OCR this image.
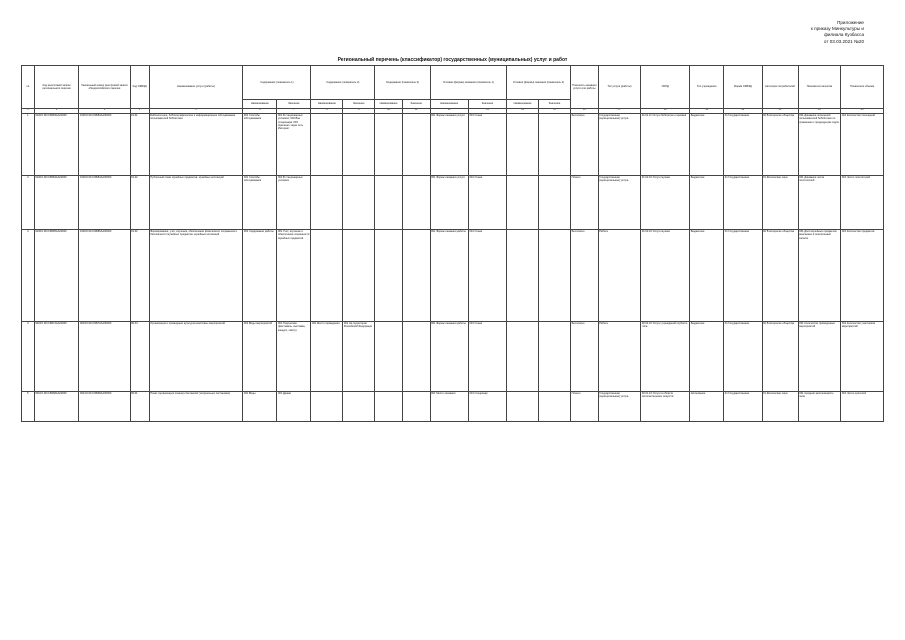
Приложение
к приказу Минкультуры и
филиала Кузбасса
от 03.03.2021 №20
Региональный перечень (классификатор) государственных (муниципальных) услуг и работ
№	Код реестровой записи регионального перечня	Уникальный номер реестровой записи общероссийского перечня	Код ОКВЭД	Наименование услуги (работы)	Содержание (показатель 1)		Содержание (показатель 2)		Содержание (показатель 3)		Условие (формы) оказания (показатель 1)		Условие (формы) оказания (показатель 2)		Платность оказания услуги или работы	Тип услуги (работы)	ОКПД	Тип учреждения	Форма ОКВЭД	Категории потребителей	Показатели качества	Показатели объема
					Наименование	Значение	Наименование	Значение	Наименование	Значение	Наименование	Значение	Наименование	Значение								
1	2	3	4	5	6	7	8	9	10	11	12	13	14	15	16	17	18	19	20	21	22	23
1	9100О.99.0.ББ83АА00000	9100О.99.0.ББ83АА00000	91.01	Библиотечное, библиографическое и информационное обслуживание пользователей библиотеки	001 Способы обслуживания	001 В стационарных условиях; 002 Вне стационара; 003 Удаленно через сеть Интернет					001 Формы оказания услуги	001 Очная			Бесплатно	Государственная (муниципальная) услуга	91.01.11 Услуги библиотек и архивов	Бюджетное	01 Государственная	02 В интересах общества	001 Динамика посещений пользователей библиотеки по сравнению с предыдущим годом	001 Количество посещений
2	9100О.99.0.ББ84АА00000	9100О.99.0.ББ84АА00000	91.02	Публичный показ музейных предметов, музейных коллекций	001 Способы обслуживания	002 В стационарных условиях					001 Формы оказания услуги	001 Очная			Платно	Государственная (муниципальная) услуга	91.02.10 Услуги музеев	Бюджетное	01 Государственная	01 Физические лица	001 Динамика числа посетителей	001 Число посетителей
3	9100О.99.0.ББ85АА00000	9100О.99.0.ББ85АА00000	91.02	Формирование, учет, изучение, обеспечение физического сохранения и безопасности музейных предметов, музейных коллекций	001 Содержание работы	001 Учет, изучение и обеспечение сохранности музейных предметов					001 Формы оказания работы	001 Очная			Бесплатно	Работа	91.02.10 Услуги музеев	Бюджетное	01 Государственная	02 В интересах общества	001 Доля музейных предметов, внесенных в электронный каталог	001 Количество предметов
4	9004О.99.0.ББ72АА00000	9004О.99.0.ББ72АА00000	90.04	Организация и проведение культурно-массовых мероприятий	001 Виды мероприятий	001 Творческие (фестиваль, выставка, конкурс, смотр)	001 Место проведения	001 На территории Российской Федерации			001 Формы оказания работы	001 Очная			Бесплатно	Работа	90.04.10 Услуги учреждений клубного типа	Бюджетное	01 Государственная	02 В интересах общества	001 Количество проведенных мероприятий	001 Количество участников мероприятий
5	9001О.99.0.ББ68АА00000	9001О.99.0.ББ68АА00000	90.01	Показ (организация показа) спектаклей (театральных постановок)	001 Виды	001 Драма					001 Место оказания	001 Стационар			Платно	Государственная (муниципальная) услуга	90.01.10 Услуги в области исполнительских искусств	Автономное	01 Государственная	01 Физические лица	001 Средняя заполняемость зала	001 Число зрителей
